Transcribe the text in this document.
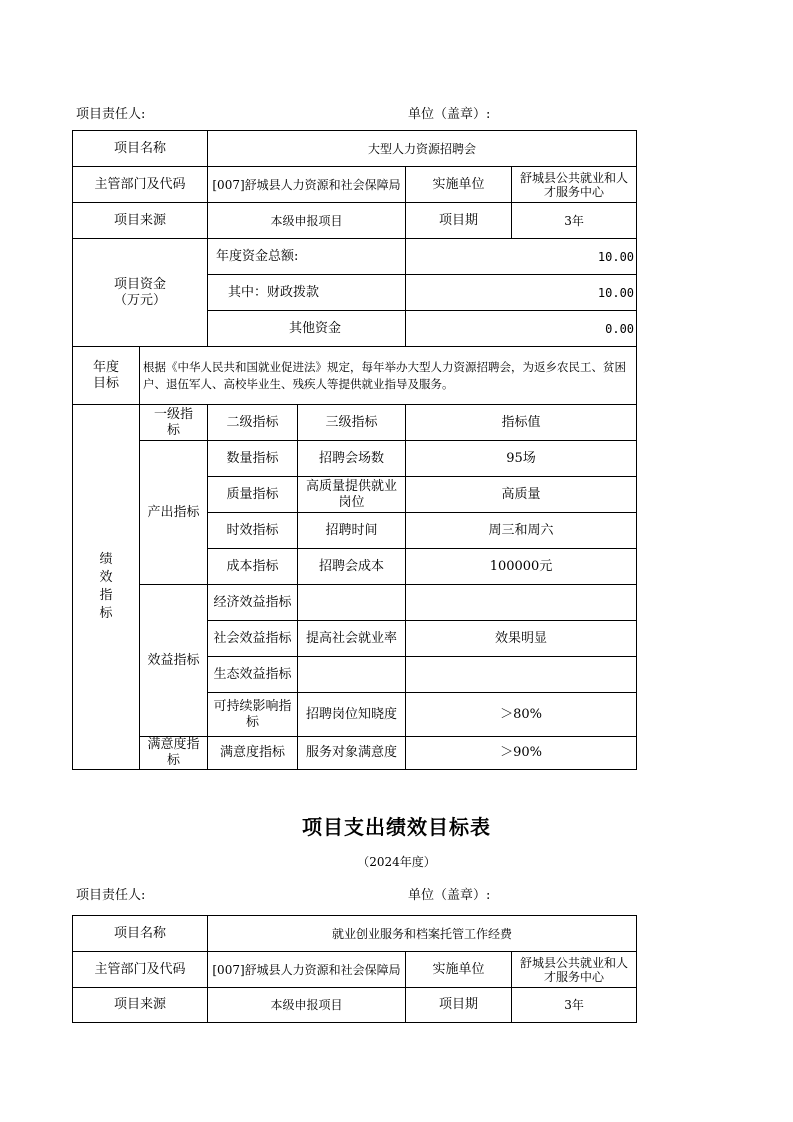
项目责任人:	单位（盖章）:
项目名称		大型人力资源招聘会			
主管部门及代码		[007]舒城县人力资源和社会保障局		实施单位	舒城县公共就业和人才服务中心
项目来源		本级申报项目		项目期	3年
项目资金（万元）		年度资金总额:		10.00	
		其中：财政拨款		10.00	
		其他资金		0.00	
年度目标	根据《中华人民共和国就业促进法》规定，每年举办大型人力资源招聘会，为返乡农民工、贫困户、退伍军人、高校毕业生、残疾人等提供就业指导及服务。				
绩效指标	一级指标	二级指标	三级指标	指标值	
	产出指标	数量指标	招聘会场数	95场	
		质量指标	高质量提供就业岗位	高质量	
		时效指标	招聘时间	周三和周六	
		成本指标	招聘会成本	100000元	
	效益指标	经济效益指标			
		社会效益指标	提高社会就业率	效果明显	
		生态效益指标			
		可持续影响指标	招聘岗位知晓度	＞80%	
	满意度指标	满意度指标	服务对象满意度	＞90%	
项目支出绩效目标表
（2024年度）
项目责任人:	单位（盖章）:
项目名称	就业创业服务和档案托管工作经费		
主管部门及代码	[007]舒城县人力资源和社会保障局	实施单位	舒城县公共就业和人才服务中心
项目来源	本级申报项目	项目期	3年
